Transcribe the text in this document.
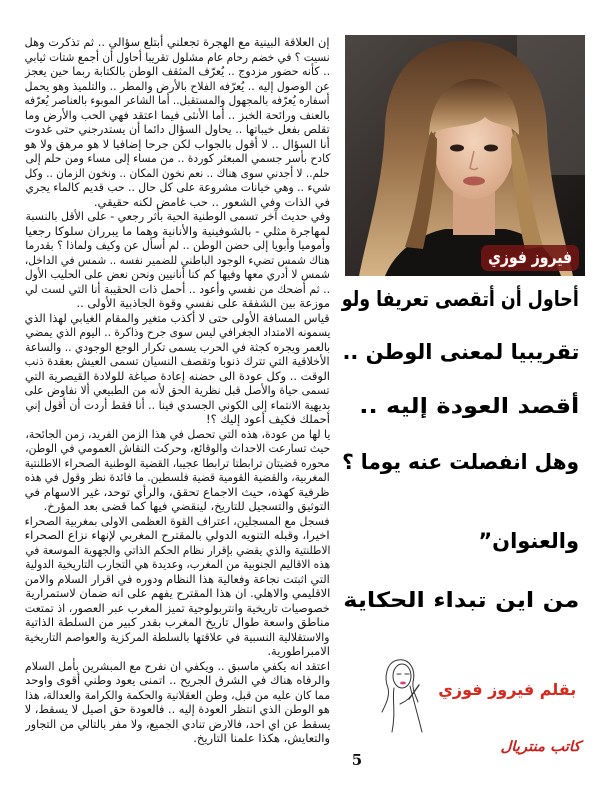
إن العلاقة البينية مع الهجرة تجعلني أبتلع سؤالي .. ثم تذكرت وهل
نسيت ؟ في خضم رحام عام مشلول تقريبا أحاول أن أجمع شتات ثيابي
.. كأنه حضور مزدوج .. يُعرّف المثقف الوطن بالكتابة ربما حين يعجز
عن الوصول إليه .. يُعرّفه الفلاح بالأرض والمطر .. والتلميذ وهو يحمل
أسفاره يُعرّفه بالمجهول والمستقبل.. أما الشاعر الموبوء بالعناصر يُعرّفه
بالعنف ورائحة الخبز .. أما الأنثى فيما اعتقد فهي الحب والأرض وما
تقلص بفعل خيباتها .. يحاول السؤال دائما أن يستدرجني حتى غدوت
أنا السؤال .. لا أقول بالجواب لكن جرحا إضافيا لا هو مرهق ولا هو
كادح بأسر جسمي المبعثر كوردة .. من مساء إلى مساء ومن حلم إلى
حلم.. لا أجدني سوى هناك .. نعم نخون المكان .. ونخون الزمان .. وكل
شيء .. وهي خيانات مشروعة على كل حال .. حب قديم كالماء يجري
في الذات وفي الشعور .. حب غامض لكنه حقيقي.
وفي حديث آخر تسمى الوطنية الحية بأثر رجعي - على الأقل بالنسبة
لمهاجرة مثلي - بالشوفينية والأنانية وهما ما يبرران سلوكا رجعيا
وأموميا وأبويا إلى حضن الوطن .. لم أسأل عن وكيف ولماذا ؟ بقدرما
هناك شمس تضيء الوجود الباطني للضمير نفسه .. شمس في الداخل،
شمس لا أدري معها وفيها كم كنا أنانيين ونحن نعض على الحليب الأول
.. ثم أضحك من نفسي وأعود .. أحمل ذات الحقيبة أنا التي لست لي
موزعة بين الشفقة على نفسي وقوة الجاذبية الأولى ..
قياس المسافة الأولى حتى لا أكذب متغير والمقام الغيابي لهذا الذي
يسمونه الامتداد الجغرافي ليس سوى جرح وذاكرة .. اليوم الذي يمضي
بالعمر ويجره كجثة في الحرب يسمى تكرار الوجع الوجودي .. والساعة
الأخلاقية التي تترك ذنوبا وتقصف النسيان تسمى العيش بعقدة ذنب
الوقت .. وكل عودة الى حضنه إعادة صياغة للولادة القيصرية التي
تسمى حياة والأصل قبل نظرية الحق لأنه من الطبيعي ألا نفاوض على
بديهية الانتماء إلى الكوني الجسدي فينا .. أنا فقط أردت أن أقول إني
أحملك فكيف أعود إليك ؟!
يا لها من عودة، هذه التي تحصل في هذا الزمن الفريد، زمن الجائحة،
حيث تسارعت الاحداث والوقائع، وحركت النقاش العمومي في الوطن،
محوره قضيتان ترابطتا ترابطا عجيبا، القضية الوطنية الصحراء الاطلنتية
المغربية، والقضية القومية قضية فلسطين. ما فائدة نظر وقول في هذه
ظرفية كهذه، حيث الاجماع تحقق، والرأي توحد، غير الاسهام في
التوثيق والتسجيل للتاريخ، لينقضي فيها كما قضى بعد المؤرخ.
فسجل مع المسجلين، اعتراف القوة العظمى الاولى بمغربية الصحراء
اخيرا، وقبله التنويه الدولي بالمقترح المغربي لإنهاء نزاع الصحراء
الاطلنتية والذي يقضي بإقرار نظام الحكم الذاتي والجهوية الموسعة في
هذه الاقاليم الجنوبية من المغرب، وعديدة هي التجارب التاريخية الدولية
التي اثبتت نجاعة وفعالية هذا النظام ودوره في اقرار السلام والامن
الاقليمي والاهلي. ان هذا المقترح يفهم على انه ضمان لاستمرارية
خصوصيات تاريخية وانتربولوجية تميز المغرب عبر العصور، اذ تمتعت
مناطق واسعة طوال تاريخ المغرب بقدر كبير من السلطة الذاتية
والاستقلالية النسبية في علاقتها بالسلطة المركزية والعواصم التاريخية
الامبراطورية.
اعتقد انه يكفي ماسبق .. ويكفي ان نفرح مع المبشرين بأمل السلام
والرفاه هناك في الشرق الجريح .. اتمنى يعود وطني أقوى واوحد
مما كان عليه من قبل، وطن العقلانية والحكمة والكرامة والعدالة، هذا
هو الوطن الذي انتظر العودة إليه .. فالعودة حق اصيل لا يسقط، لا
يسقط عن اي احد، فالارض تنادي الجميع، ولا مفر بالتالي من التجاور
والتعايش، هكذا علمنا التاريخ.
فيروز فوزي
أحاول أن أتقصى تعريفا ولو
تقريبيا لمعنى الوطن ..
أقصد العودة إليه ..
وهل انفصلت عنه يوما ؟
والعنوان”
من اين تبداء الحكاية
بقلم فيروز فوزي
كاتب منتريال
5
